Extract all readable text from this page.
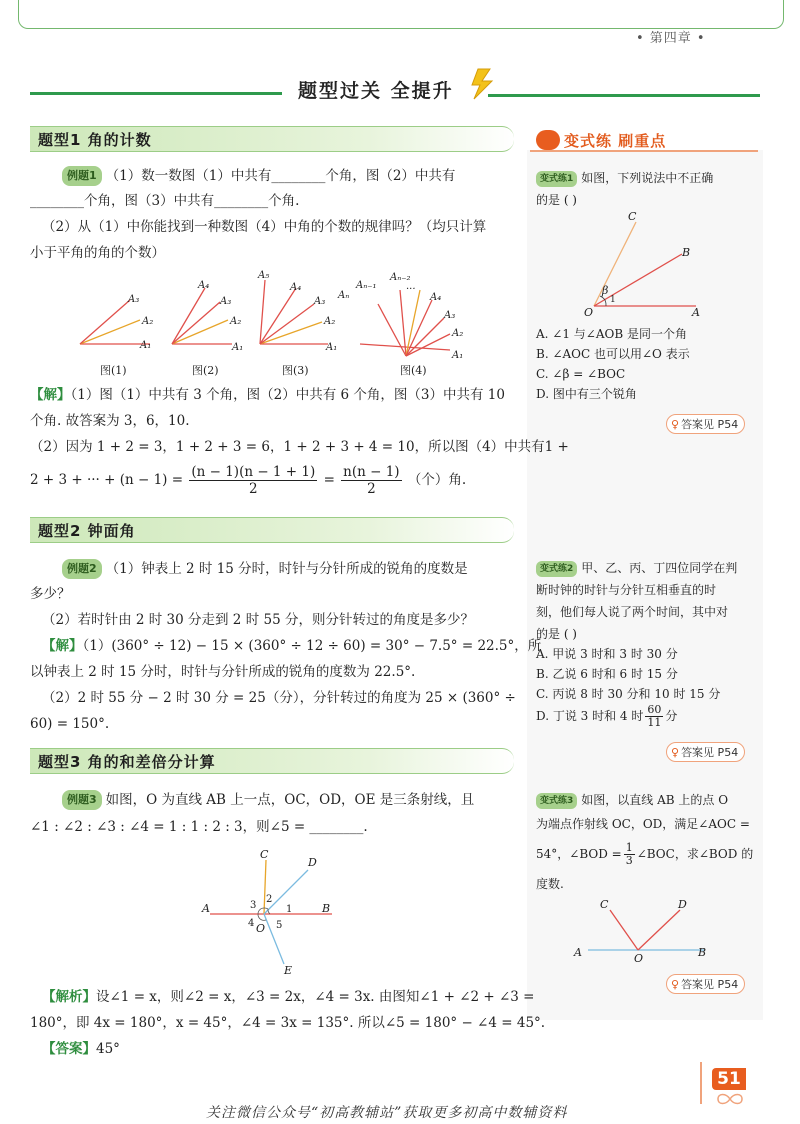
• 第四章 •
题型过关 全提升
变式练 刷重点
题型1 角的计数
例题1 （1）数一数图（1）中共有________个角，图（2）中共有
________个角，图（3）中共有________个角.
（2）从（1）中你能找到一种数图（4）中角的个数的规律吗？（均只计算
小于平角的角的个数）
A₁
A₂
A₃
A₁
A₂
A₃
A₄
A₁
A₂
A₃
A₄
A₅
A₁
A₂
A₃
A₄
Aₙ
Aₙ₋₁
Aₙ₋₂
···
图(1)	图(2)	图(3)	图(4)
【解】（1）图（1）中共有 3 个角，图（2）中共有 6 个角，图（3）中共有 10
个角. 故答案为 3，6，10.
（2）因为 1 + 2 = 3，1 + 2 + 3 = 6，1 + 2 + 3 + 4 = 10，所以图（4）中共有1 +
2 + 3 + ··· + $(n - 1) = \frac{(n - 1)(n - 1 + 1)}{2} = \frac{n(n - 1)}{2}$ （个）角.
题型2 钟面角
例题2 （1）钟表上 2 时 15 分时，时针与分针所成的锐角的度数是
多少？
（2）若时针由 2 时 30 分走到 2 时 55 分，则分针转过的角度是多少？
【解】（1）(360° ÷ 12) − 15 × (360° ÷ 12 ÷ 60) = 30° − 7.5° = 22.5°，所
以钟表上 2 时 15 分时，时针与分针所成的锐角的度数为 22.5°.
（2）2 时 55 分 − 2 时 30 分 = 25（分），分针转过的角度为 25 × (360° ÷
60) = 150°.
题型3 角的和差倍分计算
例题3 如图，O 为直线 AB 上一点，OC，OD，OE 是三条射线，且
∠1 : ∠2 : ∠3 : ∠4 = 1 : 1 : 2 : 3，则∠5 = ________.
A	B
C
D
E
O
1
2
3
4 5
【解析】设∠1 = x，则∠2 = x，∠3 = 2x，∠4 = 3x. 由图知∠1 + ∠2 + ∠3 =
180°，即 4x = 180°，x = 45°，∠4 = 3x = 135°. 所以∠5 = 180° − ∠4 = 45°.
【答案】45°
变式练1 如图，下列说法中不正确
的是 ( )
C
B
O	A
β
1
A. ∠1 与∠AOB 是同一个角
B. ∠AOC 也可以用∠O 表示
C. ∠β = ∠BOC
D. 图中有三个锐角
♀ 答案见 P54
变式练2 甲、乙、丙、丁四位同学在判
断时钟的时针与分针互相垂直的时
刻，他们每人说了两个时间，其中对
的是 ( )
A. 甲说 3 时和 3 时 30 分
B. 乙说 6 时和 6 时 15 分
C. 丙说 8 时 30 分和 10 时 15 分
D. 丁说 3 时和 4 时 $\frac{60}{11}$ 分
♀ 答案见 P54
变式练3 如图，以直线 AB 上的点 O
为端点作射线 OC，OD，满足∠AOC =
54°，∠BOD = $\frac{1}{3}$ ∠BOC，求∠BOD 的
度数.
A	B
C	D
O
♀ 答案见 P54
51
关注微信公众号“初高教辅站”获取更多初高中数辅资料
